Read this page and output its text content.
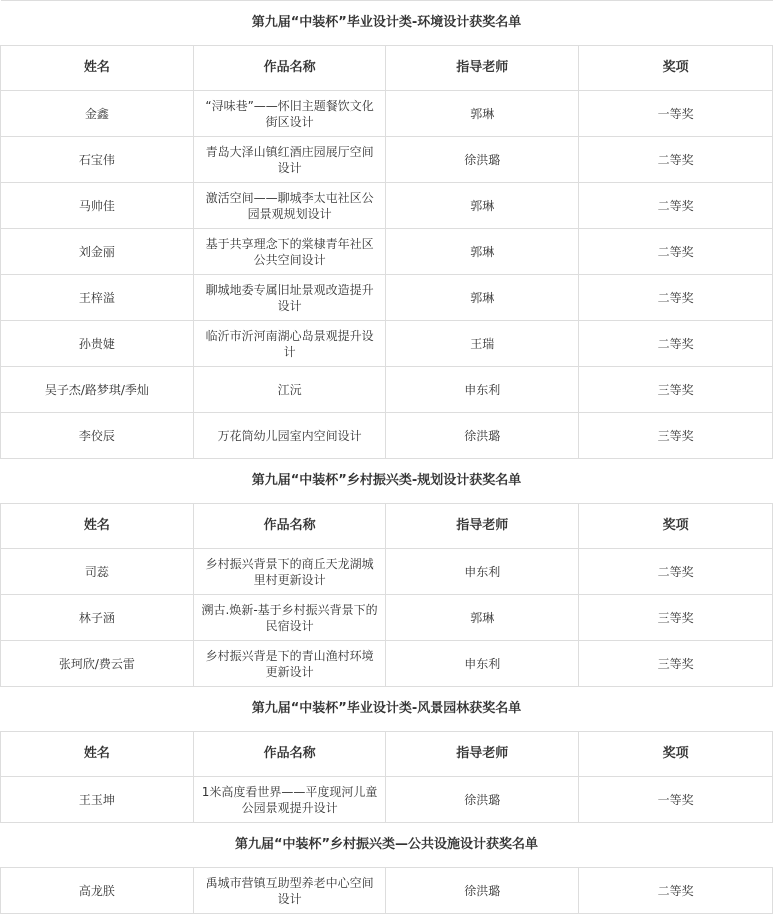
第九届“中装杯”毕业设计类-环境设计获奖名单			
姓名	作品名称	指导老师	奖项
金鑫	“浔味巷”——怀旧主题餐饮文化街区设计	郭琳	一等奖
石宝伟	青岛大泽山镇红酒庄园展厅空间设计	徐洪璐	二等奖
马帅佳	激活空间——聊城李太屯社区公园景观规划设计	郭琳	二等奖
刘金丽	基于共享理念下的棠棣青年社区公共空间设计	郭琳	二等奖
王梓溢	聊城地委专属旧址景观改造提升设计	郭琳	二等奖
孙贵婕	临沂市沂河南湖心岛景观提升设计	王瑞	二等奖
吴子杰/路梦琪/季灿	江沅	申东利	三等奖
李佼辰	万花筒幼儿园室内空间设计	徐洪璐	三等奖
第九届“中装杯”乡村振兴类-规划设计获奖名单			
姓名	作品名称	指导老师	奖项
司蕊	乡村振兴背景下的商丘天龙湖城里村更新设计	申东利	二等奖
林子涵	溯古.焕新-基于乡村振兴背景下的民宿设计	郭琳	三等奖
张珂欣/费云雷	乡村振兴背是下的青山渔村环境更新设计	申东利	三等奖
第九届“中装杯”毕业设计类-风景园林获奖名单			
姓名	作品名称	指导老师	奖项
王玉坤	1米高度看世界——平度现河儿童公园景观提升设计	徐洪璐	一等奖
第九届“中装杯”乡村振兴类—公共设施设计获奖名单			
高龙朕	禹城市营镇互助型养老中心空间设计	徐洪璐	二等奖
